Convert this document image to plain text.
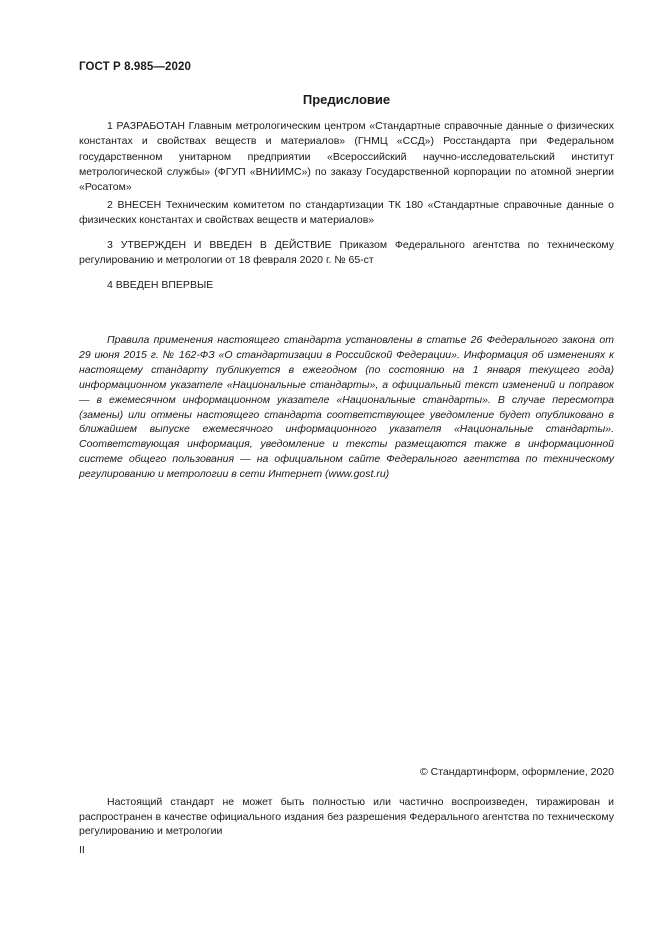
ГОСТ Р 8.985—2020
Предисловие

1 РАЗРАБОТАН Главным метрологическим центром «Стандартные справочные данные о физических константах и свойствах веществ и материалов» (ГНМЦ «ССД») Росстандарта при Федеральном государственном унитарном предприятии «Всероссийский научно-исследовательский институт метрологической службы» (ФГУП «ВНИИМС») по заказу Государственной корпорации по атомной энергии «Росатом»

2 ВНЕСЕН Техническим комитетом по стандартизации ТК 180 «Стандартные справочные данные о физических константах и свойствах веществ и материалов»

3 УТВЕРЖДЕН И ВВЕДЕН В ДЕЙСТВИЕ Приказом Федерального агентства по техническому регулированию и метрологии от 18 февраля 2020 г. № 65-ст

4 ВВЕДЕН ВПЕРВЫЕ

Правила применения настоящего стандарта установлены в статье 26 Федерального закона от 29 июня 2015 г. № 162-ФЗ «О стандартизации в Российской Федерации». Информация об изменениях к настоящему стандарту публикуется в ежегодном (по состоянию на 1 января текущего года) информационном указателе «Национальные стандарты», а официальный текст изменений и поправок — в ежемесячном информационном указателе «Национальные стандарты». В случае пересмотра (замены) или отмены настоящего стандарта соответствующее уведомление будет опубликовано в ближайшем выпуске ежемесячного информационного указателя «Национальные стандарты». Соответствующая информация, уведомление и тексты размещаются также в информационной системе общего пользования — на официальном сайте Федерального агентства по техническому регулированию и метрологии в сети Интернет (www.gost.ru)

© Стандартинформ, оформление, 2020

Настоящий стандарт не может быть полностью или частично воспроизведен, тиражирован и распространен в качестве официального издания без разрешения Федерального агентства по техническому регулированию и метрологии

II
